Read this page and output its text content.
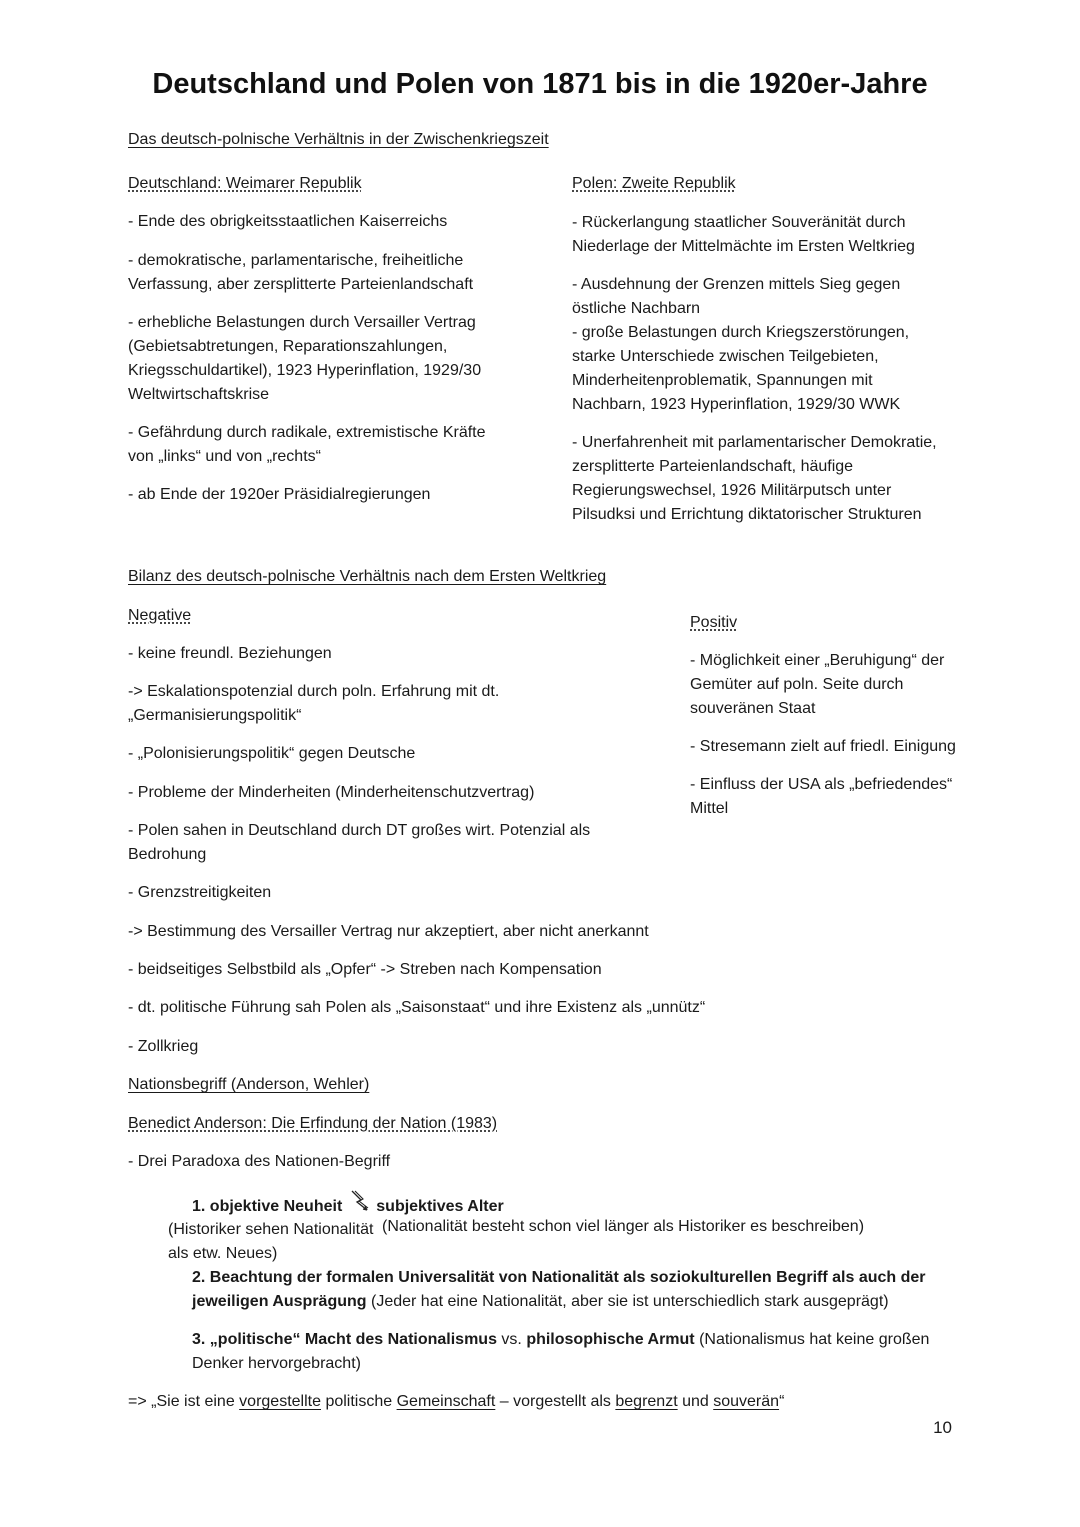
Deutschland und Polen von 1871 bis in die 1920er-Jahre
Das deutsch-polnische Verhältnis in der Zwischenkriegszeit
Deutschland: Weimarer Republik	Polen: Zweite Republik
- Ende des obrigkeitsstaatlichen Kaiserreichs
- demokratische, parlamentarische, freiheitliche Verfassung, aber zersplitterte Parteienlandschaft
- erhebliche Belastungen durch Versailler Vertrag (Gebietsabtretungen, Reparationszahlungen, Kriegsschuldartikel), 1923 Hyperinflation, 1929/30 Weltwirtschaftskrise
- Gefährdung durch radikale, extremistische Kräfte von „links“ und von „rechts“
- ab Ende der 1920er Präsidialregierungen
- Rückerlangung staatlicher Souveränität durch Niederlage der Mittelmächte im Ersten Weltkrieg
- Ausdehnung der Grenzen mittels Sieg gegen östliche Nachbarn
- große Belastungen durch Kriegszerstörungen, starke Unterschiede zwischen Teilgebieten, Minderheitenproblematik, Spannungen mit Nachbarn, 1923 Hyperinflation, 1929/30 WWK
- Unerfahrenheit mit parlamentarischer Demokratie, zersplitterte Parteienlandschaft, häufige Regierungswechsel, 1926 Militärputsch unter Pilsudksi und Errichtung diktatorischer Strukturen
Bilanz des deutsch-polnische Verhältnis nach dem Ersten Weltkrieg
Negative
- keine freundl. Beziehungen
-> Eskalationspotenzial durch poln. Erfahrung mit dt. „Germanisierungspolitik“
- „Polonisierungspolitik“ gegen Deutsche
- Probleme der Minderheiten (Minderheitenschutzvertrag)
- Polen sahen in Deutschland durch DT großes wirt. Potenzial als Bedrohung
- Grenzstreitigkeiten
-> Bestimmung des Versailler Vertrag nur akzeptiert, aber nicht anerkannt
- beidseitiges Selbstbild als „Opfer“ -> Streben nach Kompensation
- dt. politische Führung sah Polen als „Saisonstaat“ und ihre Existenz als „unnütz“
- Zollkrieg
Positiv
- Möglichkeit einer „Beruhigung“ der Gemüter auf poln. Seite durch souveränen Staat
- Stresemann zielt auf friedl. Einigung
- Einfluss der USA als „befriedendes“ Mittel
Nationsbegriff (Anderson, Wehler)
Benedict Anderson: Die Erfindung der Nation (1983)
- Drei Paradoxa des Nationen-Begriff
1. objektive Neuheit subjektives Alter
(Historiker sehen Nationalität als etw. Neues)
(Nationalität besteht schon viel länger als Historiker es beschreiben)
2. Beachtung der formalen Universalität von Nationalität als soziokulturellen Begriff als auch der jeweiligen Ausprägung (Jeder hat eine Nationalität, aber sie ist unterschiedlich stark ausgeprägt)
3. „politische“ Macht des Nationalismus vs. philosophische Armut (Nationalismus hat keine großen Denker hervorgebracht)
=> „Sie ist eine vorgestellte politische Gemeinschaft – vorgestellt als begrenzt und souverän“
10
